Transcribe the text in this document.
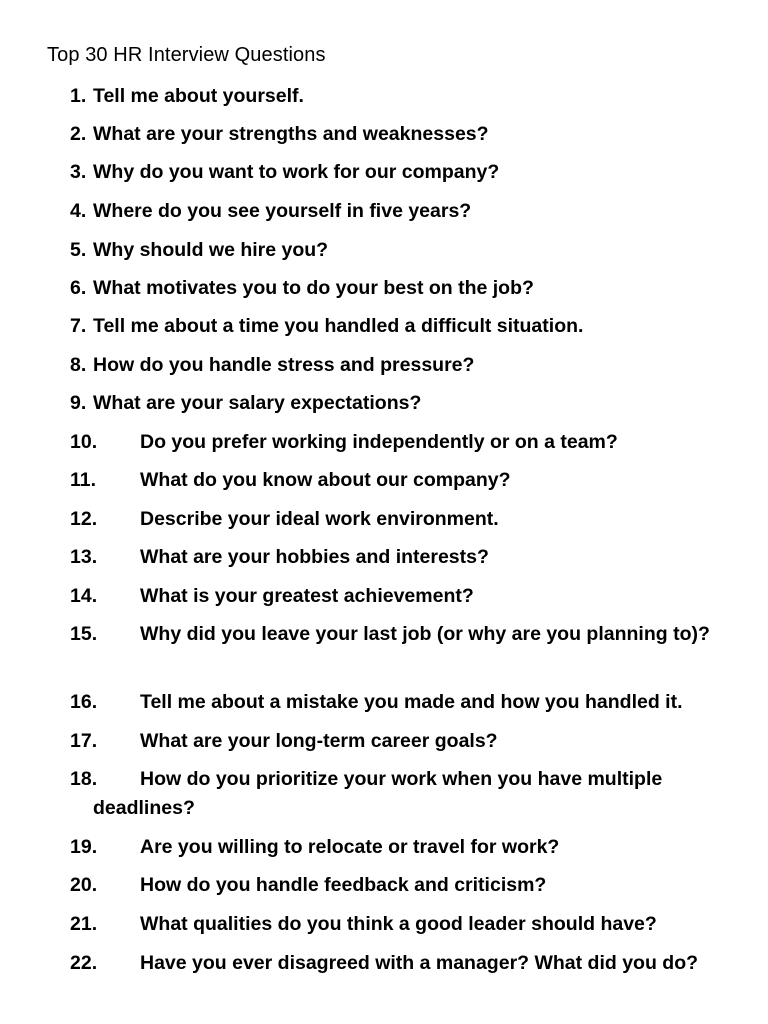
Top 30 HR Interview Questions
1. Tell me about yourself.
2. What are your strengths and weaknesses?
3. Why do you want to work for our company?
4. Where do you see yourself in five years?
5. Why should we hire you?
6. What motivates you to do your best on the job?
7. Tell me about a time you handled a difficult situation.
8. How do you handle stress and pressure?
9. What are your salary expectations?
10.	Do you prefer working independently or on a team?
11.	What do you know about our company?
12.	Describe your ideal work environment.
13.	What are your hobbies and interests?
14.	What is your greatest achievement?
15.	Why did you leave your last job (or why are you planning to)?
16.	Tell me about a mistake you made and how you handled it.
17.	What are your long-term career goals?
18.	How do you prioritize your work when you have multiple deadlines?
19.	Are you willing to relocate or travel for work?
20.	How do you handle feedback and criticism?
21.	What qualities do you think a good leader should have?
22.	Have you ever disagreed with a manager? What did you do?
